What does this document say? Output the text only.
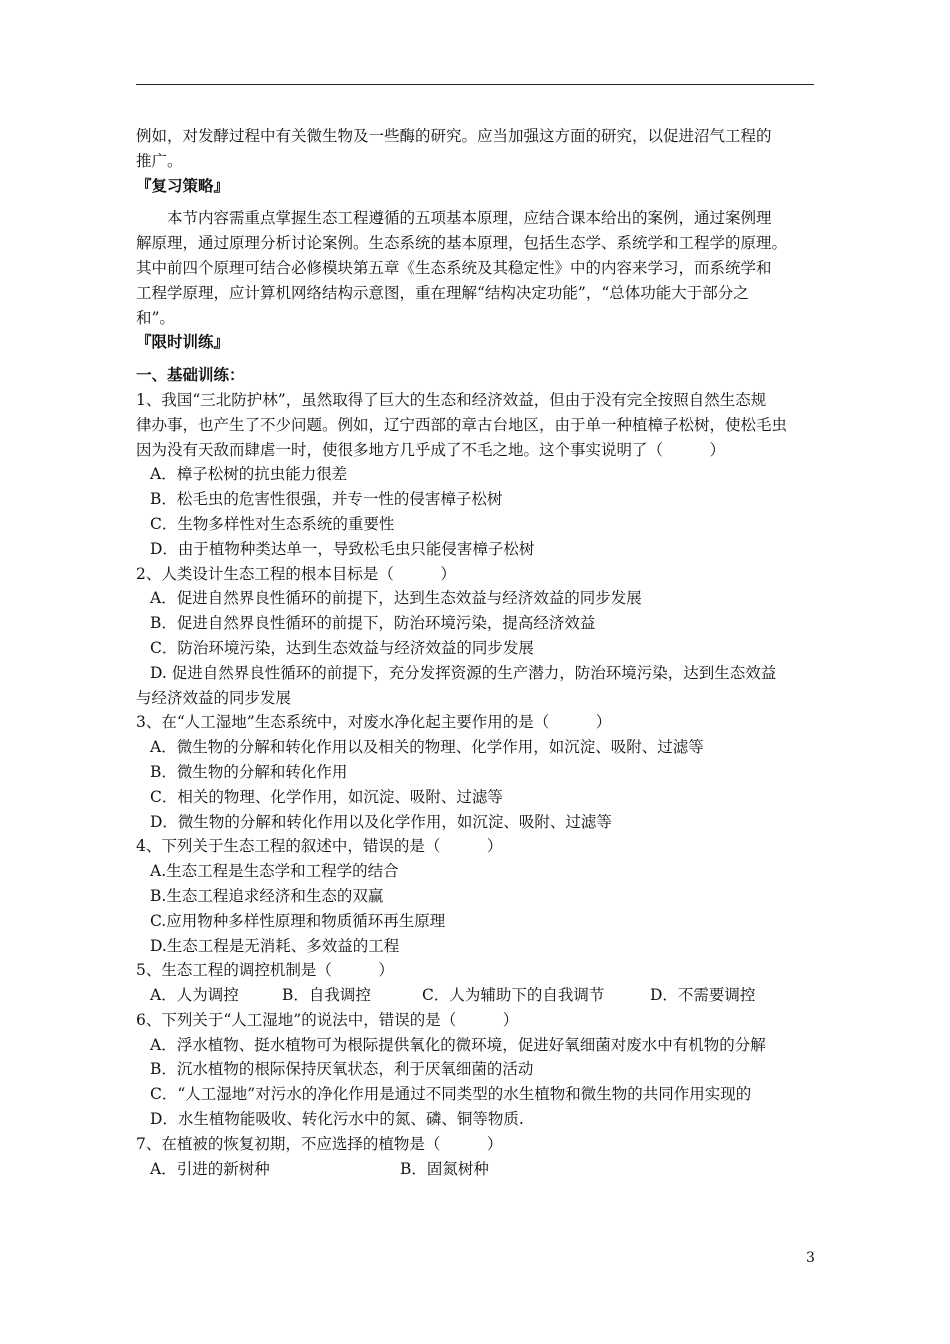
例如，对发酵过程中有关微生物及一些酶的研究。应当加强这方面的研究，以促进沼气工程的
推广。
『复习策略』
本节内容需重点掌握生态工程遵循的五项基本原理，应结合课本给出的案例，通过案例理
解原理，通过原理分析讨论案例。生态系统的基本原理，包括生态学、系统学和工程学的原理。
其中前四个原理可结合必修模块第五章《生态系统及其稳定性》中的内容来学习，而系统学和
工程学原理，应计算机网络结构示意图，重在理解“结构决定功能”，“总体功能大于部分之
和”。
『限时训练』
一、基础训练：
1、我国“三北防护林”，虽然取得了巨大的生态和经济效益，但由于没有完全按照自然生态规
律办事，也产生了不少问题。例如，辽宁西部的章古台地区，由于单一种植樟子松树，使松毛虫
因为没有天敌而肆虐一时，使很多地方几乎成了不毛之地。这个事实说明了（　　　）
A．樟子松树的抗虫能力很差
B．松毛虫的危害性很强，并专一性的侵害樟子松树
C．生物多样性对生态系统的重要性
D．由于植物种类达单一，导致松毛虫只能侵害樟子松树
2、人类设计生态工程的根本目标是（　　　）
A．促进自然界良性循环的前提下，达到生态效益与经济效益的同步发展
B．促进自然界良性循环的前提下，防治环境污染，提高经济效益
C．防治环境污染，达到生态效益与经济效益的同步发展
D. 促进自然界良性循环的前提下，充分发挥资源的生产潜力，防治环境污染，达到生态效益
与经济效益的同步发展
3、在“人工湿地”生态系统中，对废水净化起主要作用的是（　　　）
A．微生物的分解和转化作用以及相关的物理、化学作用，如沉淀、吸附、过滤等
B．微生物的分解和转化作用
C．相关的物理、化学作用，如沉淀、吸附、过滤等
D．微生物的分解和转化作用以及化学作用，如沉淀、吸附、过滤等
4、下列关于生态工程的叙述中，错误的是（　　　）
A.生态工程是生态学和工程学的结合
B.生态工程追求经济和生态的双赢
C.应用物种多样性原理和物质循环再生原理
D.生态工程是无消耗、多效益的工程
5、生态工程的调控机制是（　　　）
A．人为调控	B．自我调控	C．人为辅助下的自我调节	D．不需要调控
6、下列关于“人工湿地”的说法中，错误的是（　　　）
A．浮水植物、挺水植物可为根际提供氧化的微环境，促进好氧细菌对废水中有机物的分解
B．沉水植物的根际保持厌氧状态，利于厌氧细菌的活动
C．“人工湿地”对污水的净化作用是通过不同类型的水生植物和微生物的共同作用实现的
D．水生植物能吸收、转化污水中的氮、磷、铜等物质.
7、在植被的恢复初期，不应选择的植物是（　　　）
A．引进的新树种	B．固氮树种
3
